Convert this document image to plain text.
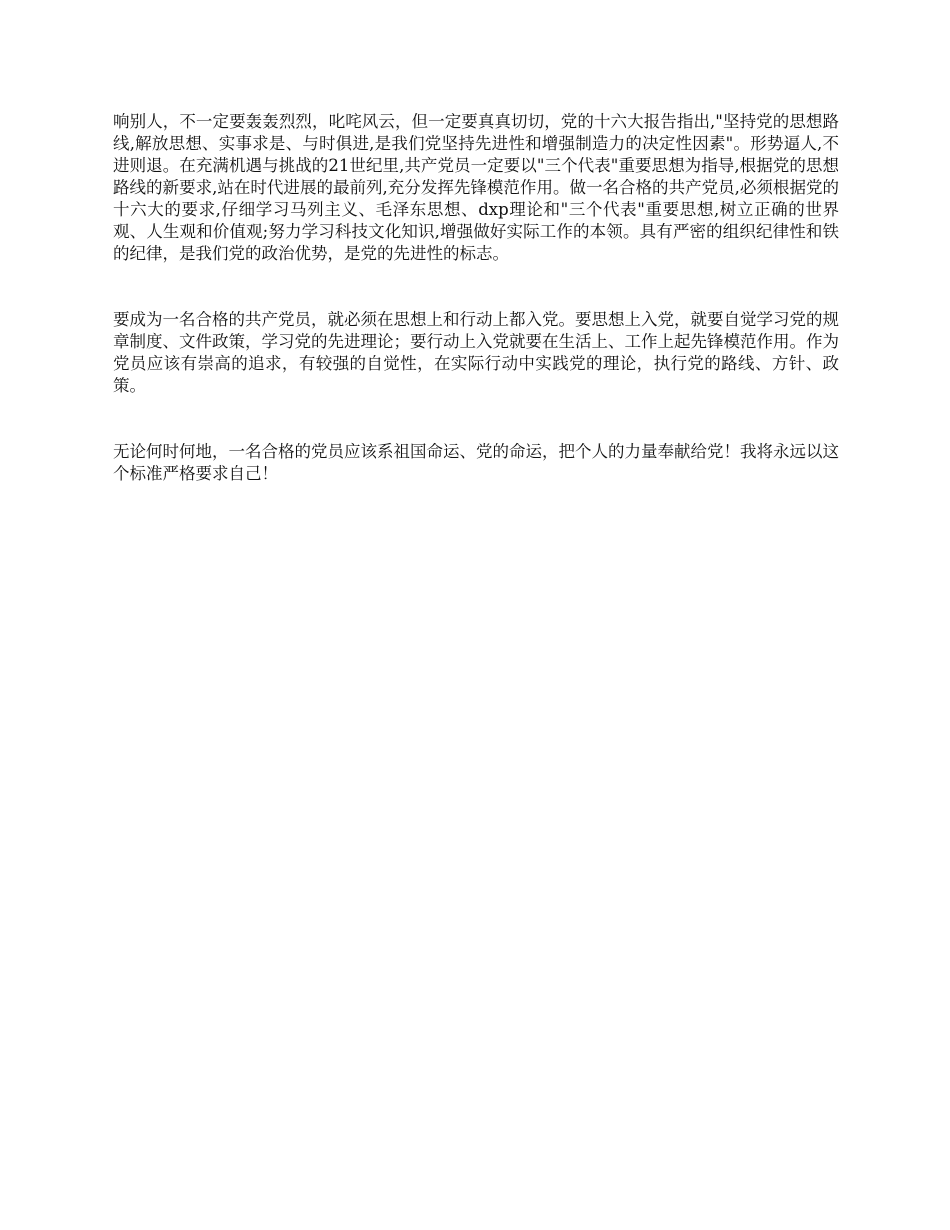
响别人，不一定要轰轰烈烈，叱咤风云，但一定要真真切切，党的十六大报告指出,"坚持党的思想路线,解放思想、实事求是、与时俱进,是我们党坚持先进性和增强制造力的决定性因素"。形势逼人,不进则退。在充满机遇与挑战的21世纪里,共产党员一定要以"三个代表"重要思想为指导,根据党的思想路线的新要求,站在时代进展的最前列,充分发挥先锋模范作用。做一名合格的共产党员,必须根据党的十六大的要求,仔细学习马列主义、毛泽东思想、dxp理论和"三个代表"重要思想,树立正确的世界观、人生观和价值观;努力学习科技文化知识,增强做好实际工作的本领。具有严密的组织纪律性和铁的纪律，是我们党的政治优势，是党的先进性的标志。

要成为一名合格的共产党员，就必须在思想上和行动上都入党。要思想上入党，就要自觉学习党的规章制度、文件政策，学习党的先进理论；要行动上入党就要在生活上、工作上起先锋模范作用。作为党员应该有崇高的追求，有较强的自觉性，在实际行动中实践党的理论，执行党的路线、方针、政策。

无论何时何地，一名合格的党员应该系祖国命运、党的命运，把个人的力量奉献给党！我将永远以这个标准严格要求自己！
